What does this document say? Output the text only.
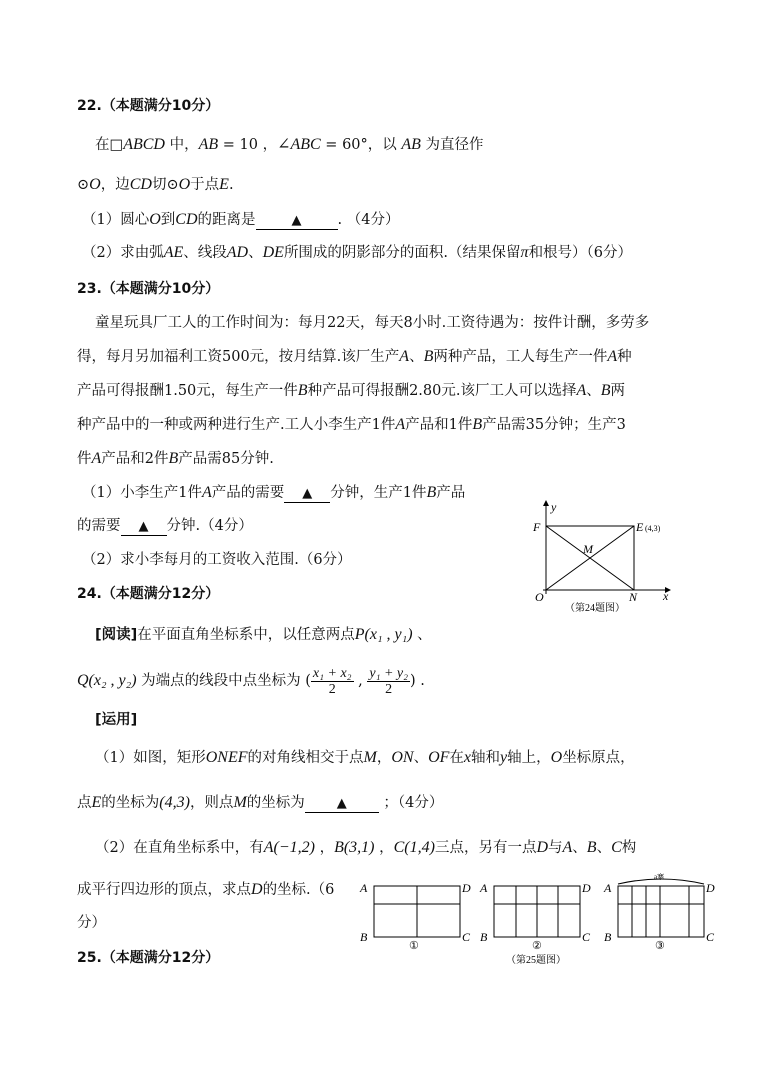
22.（本题满分10分）
在□ABCD 中，AB = 10 ，∠ABC = 60°，以 AB 为直径作
⊙O，边CD切⊙O于点E.
（1）圆心O到CD的距离是	▲ . （4分）
（2）求由弧AE、线段AD、DE所围成的阴影部分的面积.（结果保留π和根号）（6分）
23.（本题满分10分）
童星玩具厂工人的工作时间为：每月22天，每天8小时.工资待遇为：按件计酬，多劳多
得，每月另加福利工资500元，按月结算.该厂生产A、B两种产品，工人每生产一件A种
产品可得报酬1.50元，每生产一件B种产品可得报酬2.80元.该厂工人可以选择A、B两
种产品中的一种或两种进行生产.工人小李生产1件A产品和1件B产品需35分钟；生产3
件A产品和2件B产品需85分钟.
（1）小李生产1件A产品的需要 ▲ 分钟，生产1件B产品
的需要 ▲ 分钟.（4分）
（2）求小李每月的工资收入范围.（6分）
y
x
F	E (4,3)
M
O	N
（第24题图）
24.（本题满分12分）
[阅读]在平面直角坐标系中，以任意两点P(x₁ , y₁) 、
Q(x₂ , y₂) 为端点的线段中点坐标为 ( $\frac{\text{x₁ + x₂}}{2}$ , $\frac{\text{y₁ + y₂}}{2}$ ) .
[运用]
（1）如图，矩形ONEF的对角线相交于点M，ON、OF在x轴和y轴上，O坐标原点，
点E的坐标为(4,3)，则点M的坐标为 ▲ ；（4分）
（2）在直角坐标系中，有A(−1,2) ，B(3,1) ，C(1,4)三点，另有一点D与A、B、C构
成平行四边形的顶点，求点D的坐标.（6
分）
A	D
B	C
①
A	D
B	C
②
a寨
A	D
B	C
③
（第25题图）
25.（本题满分12分）
